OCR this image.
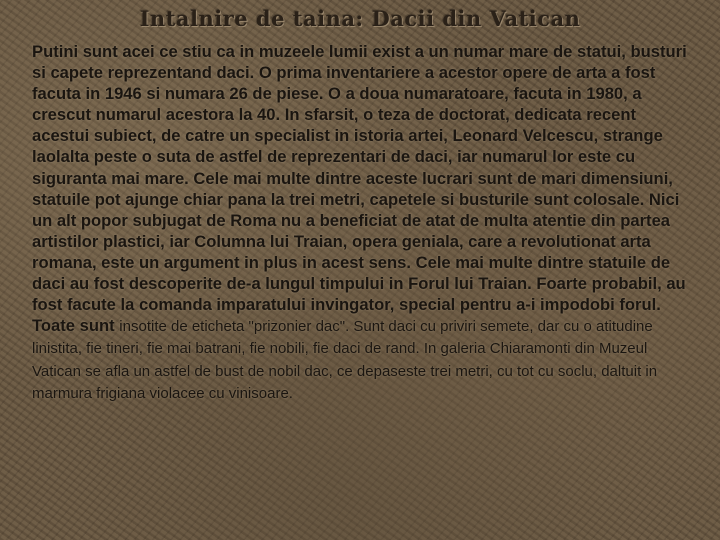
Intalnire de taina: Dacii din Vatican

Putini sunt acei ce stiu ca in muzeele lumii exist a un numar mare de statui, busturi si capete reprezentand daci. O prima inventariere a acestor opere de arta a fost facuta in 1946 si numara 26 de piese. O a doua numaratoare, facuta in 1980, a crescut numarul acestora la 40. In sfarsit, o teza de doctorat, dedicata recent acestui subiect, de catre un specialist in istoria artei, Leonard Velcescu, strange laolalta peste o suta de astfel de reprezentari de daci, iar numarul lor este cu siguranta mai mare. Cele mai multe dintre aceste lucrari sunt de mari dimensiuni, statuile pot ajunge chiar pana la trei metri, capetele si busturile sunt colosale. Nici un alt popor subjugat de Roma nu a beneficiat de atat de multa atentie din partea artistilor plastici, iar Columna lui Traian, opera geniala, care a revolutionat arta romana, este un argument in plus in acest sens. Cele mai multe dintre statuile de daci au fost descoperite de-a lungul timpului in Forul lui Traian. Foarte probabil, au fost facute la comanda imparatului invingator, special pentru a-i impodobi forul. Toate sunt insotite de eticheta "prizonier dac". Sunt daci cu priviri semete, dar cu o atitudine linistita, fie tineri, fie mai batrani, fie nobili, fie daci de rand. In galeria Chiaramonti din Muzeul Vatican se afla un astfel de bust de nobil dac, ce depaseste trei metri, cu tot cu soclu, daltuit in marmura frigiana violacee cu vinisoare.
